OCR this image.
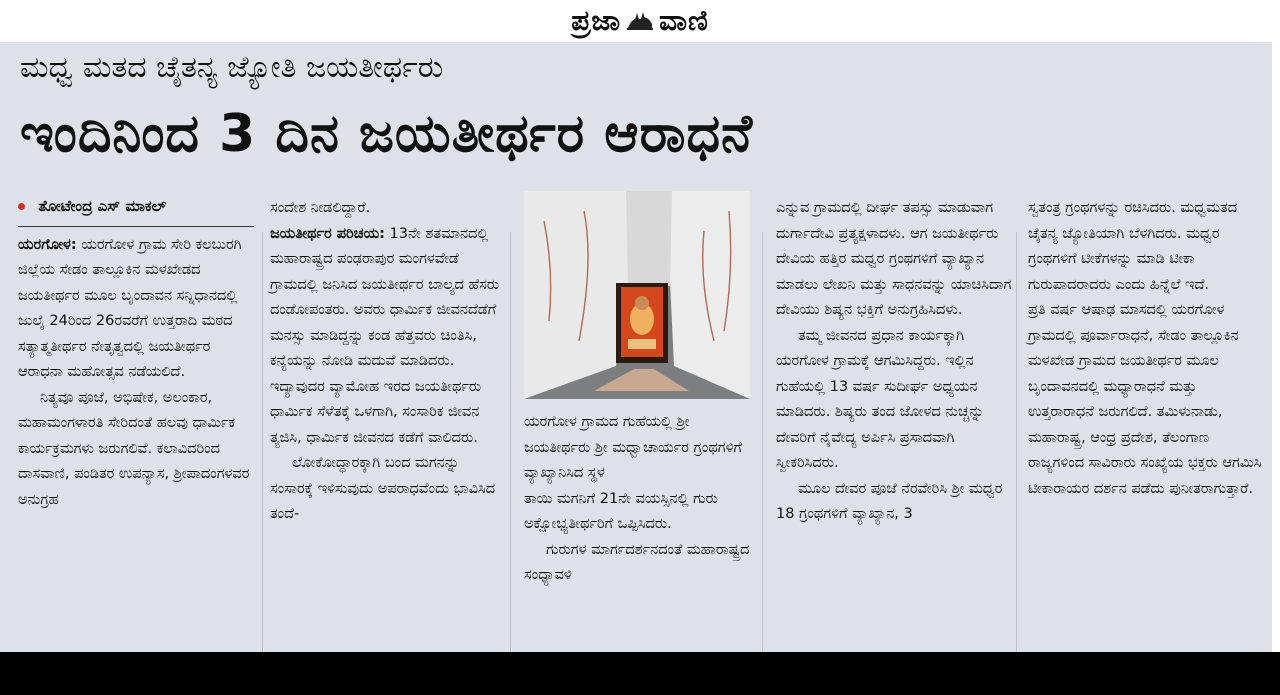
ಪ್ರಜಾ ವಾಣಿ
ಮಧ್ವ ಮತದ ಚೈತನ್ಯ ಜ್ಯೋತಿ ಜಯತೀರ್ಥರು
ಇಂದಿನಿಂದ 3 ದಿನ ಜಯತೀರ್ಥರ ಆರಾಧನೆ
ತೋಟೇಂದ್ರ ಎಸ್ ಮಾಕಲ್

ಯರಗೋಳ: ಯರಗೋಳ ಗ್ರಾಮ ಸೇರಿ ಕಲಬುರಗಿ ಜಿಲ್ಲೆಯ ಸೇಡಂ ತಾಲ್ಲೂಕಿನ ಮಳಖೇಡದ ಜಯತೀರ್ಥರ ಮೂಲ ಬೃಂದಾವನ ಸನ್ನಿಧಾನದಲ್ಲಿ ಜುಲೈ 24ರಿಂದ 26ರವರೆಗೆ ಉತ್ತರಾದಿ ಮಠದ ಸತ್ಯಾತ್ಮತೀರ್ಥರ ನೇತೃತ್ವದಲ್ಲಿ ಜಯತೀರ್ಥರ ಆರಾಧನಾ ಮಹೋತ್ಸವ ನಡೆಯಲಿದೆ.

ನಿತ್ಯವೂ ಪೂಜೆ, ಅಭಿಷೇಕ, ಅಲಂಕಾರ, ಮಹಾಮಂಗಳಾರತಿ ಸೇರಿದಂತೆ ಹಲವು ಧಾರ್ಮಿಕ ಕಾರ್ಯಕ್ರಮಗಳು ಜರುಗಲಿವೆ. ಕಲಾವಿದರಿಂದ ದಾಸವಾಣಿ, ಪಂಡಿತರ ಉಪನ್ಯಾಸ, ಶ್ರೀಪಾದಂಗಳವರ ಅನುಗ್ರಹ

ಸಂದೇಶ ನೀಡಲಿದ್ದಾರೆ.

ಜಯತೀರ್ಥರ ಪರಿಚಯ: 13ನೇ ಶತಮಾನದಲ್ಲಿ ಮಹಾರಾಷ್ಟ್ರದ ಪಂಢರಾಪುರ ಮಂಗಳವೇಡೆ ಗ್ರಾಮದಲ್ಲಿ ಜನಿಸಿದ ಜಯತೀರ್ಥರ ಬಾಲ್ಯದ ಹೆಸರು ದಂಡೋಪಂತರು. ಅವರು ಧಾರ್ಮಿಕ ಜೀವನದೆಡೆಗೆ ಮನಸ್ಸು ಮಾಡಿದ್ದನ್ನು ಕಂಡ ಹೆತ್ತವರು ಚಿಂತಿಸಿ, ಕನ್ಯೆಯನ್ನು ನೋಡಿ ಮದುವೆ ಮಾಡಿದರು. ಇದ್ಯಾವುದರ ವ್ಯಾಮೋಹ ಇರದ ಜಯತೀರ್ಥರು ಧಾರ್ಮಿಕ ಸೆಳೆತಕ್ಕೆ ಒಳಗಾಗಿ, ಸಂಸಾರಿಕ ಜೀವನ ತ್ಯಜಿಸಿ, ಧಾರ್ಮಿಕ ಜೀವನದ ಕಡೆಗೆ ವಾಲಿದರು.

ಲೋಕೋದ್ಧಾರಕ್ಕಾಗಿ ಬಂದ ಮಗನನ್ನು ಸಂಸಾರಕ್ಕೆ ಇಳಿಸುವುದು ಅಪರಾಧವೆಂದು ಭಾವಿಸಿದ ತಂದೆ-

ಯರಗೋಳ ಗ್ರಾಮದ ಗುಹೆಯಲ್ಲಿ ಶ್ರೀ ಜಯತೀರ್ಥರು ಶ್ರೀ ಮಧ್ವಾಚಾರ್ಯರ ಗ್ರಂಥಗಳಿಗೆ ವ್ಯಾಖ್ಯಾನಿಸಿದ ಸ್ಥಳ

ತಾಯಿ ಮಗನಿಗೆ 21ನೇ ವಯಸ್ಸಿನಲ್ಲಿ ಗುರು ಅಕ್ಷೋಭ್ಯತೀರ್ಥರಿಗೆ ಒಪ್ಪಿಸಿದರು.

ಗುರುಗಳ ಮಾರ್ಗದರ್ಶನದಂತೆ ಮಹಾರಾಷ್ಟ್ರದ ಸಂಧ್ಯಾವಳಿ

ಎನ್ನುವ ಗ್ರಾಮದಲ್ಲಿ ದೀರ್ಘ ತಪಸ್ಸು ಮಾಡುವಾಗ ದುರ್ಗಾದೇವಿ ಪ್ರತ್ಯಕ್ಷಳಾದಳು. ಆಗ ಜಯತೀರ್ಥರು ದೇವಿಯ ಹತ್ತಿರ ಮಧ್ವರ ಗ್ರಂಥಗಳಿಗೆ ವ್ಯಾಖ್ಯಾನ ಮಾಡಲು ಲೇಖನಿ ಮತ್ತು ಸಾಧನವನ್ನು ಯಾಚಿಸಿದಾಗ ದೇವಿಯು ಶಿಷ್ಯನ ಭಕ್ತಿಗೆ ಅನುಗ್ರಹಿಸಿದಳು.

ತಮ್ಮ ಜೀವನದ ಪ್ರಧಾನ ಕಾರ್ಯಕ್ಕಾಗಿ ಯರಗೋಳ ಗ್ರಾಮಕ್ಕೆ ಆಗಮಿಸಿದ್ದರು. ಇಲ್ಲಿನ ಗುಹೆಯಲ್ಲಿ 13 ವರ್ಷ ಸುದೀರ್ಘ ಅಧ್ಯಯನ ಮಾಡಿದರು. ಶಿಷ್ಯರು ತಂದ ಜೋಳದ ನುಚ್ಚನ್ನು ದೇವರಿಗೆ ನೈವೇದ್ಯ ಅರ್ಪಿಸಿ ಪ್ರಸಾದವಾಗಿ ಸ್ವೀಕರಿಸಿದರು.

ಮೂಲ ದೇವರ ಪೂಜೆ ನೆರವೇರಿಸಿ ಶ್ರೀ ಮಧ್ವರ 18 ಗ್ರಂಥಗಳಿಗೆ ವ್ಯಾಖ್ಯಾನ, 3

ಸ್ವತಂತ್ರ ಗ್ರಂಥಗಳನ್ನು ರಚಿಸಿದರು. ಮಧ್ವಮತದ ಚೈತನ್ಯ ಜ್ಯೋತಿಯಾಗಿ ಬೆಳಗಿದರು. ಮಧ್ವರ ಗ್ರಂಥಗಳಿಗೆ ಟೀಕೆಗಳನ್ನು ಮಾಡಿ ಟೀಕಾ ಗುರುಪಾದರಾದರು ಎಂದು ಹಿನ್ನೆಲೆ ಇದೆ.

ಪ್ರತಿ ವರ್ಷ ಆಷಾಢ ಮಾಸದಲ್ಲಿ ಯರಗೋಳ ಗ್ರಾಮದಲ್ಲಿ ಪೂರ್ವಾರಾಧನೆ, ಸೇಡಂ ತಾಲ್ಲೂಕಿನ ಮಳಖೇಡ ಗ್ರಾಮದ ಜಯತೀರ್ಥರ ಮೂಲ ಬೃಂದಾವನದಲ್ಲಿ ಮಧ್ಯಾರಾಧನೆ ಮತ್ತು ಉತ್ತರಾರಾಧನೆ ಜರುಗಲಿದೆ. ತಮಿಳುನಾಡು, ಮಹಾರಾಷ್ಟ್ರ, ಆಂಧ್ರ ಪ್ರದೇಶ, ತೆಲಂಗಾಣ ರಾಜ್ಯಗಳಿಂದ ಸಾವಿರಾರು ಸಂಖ್ಯೆಯ ಭಕ್ತರು ಆಗಮಿಸಿ ಟೀಕಾರಾಯರ ದರ್ಶನ ಪಡೆದು ಪುನೀತರಾಗುತ್ತಾರೆ.
